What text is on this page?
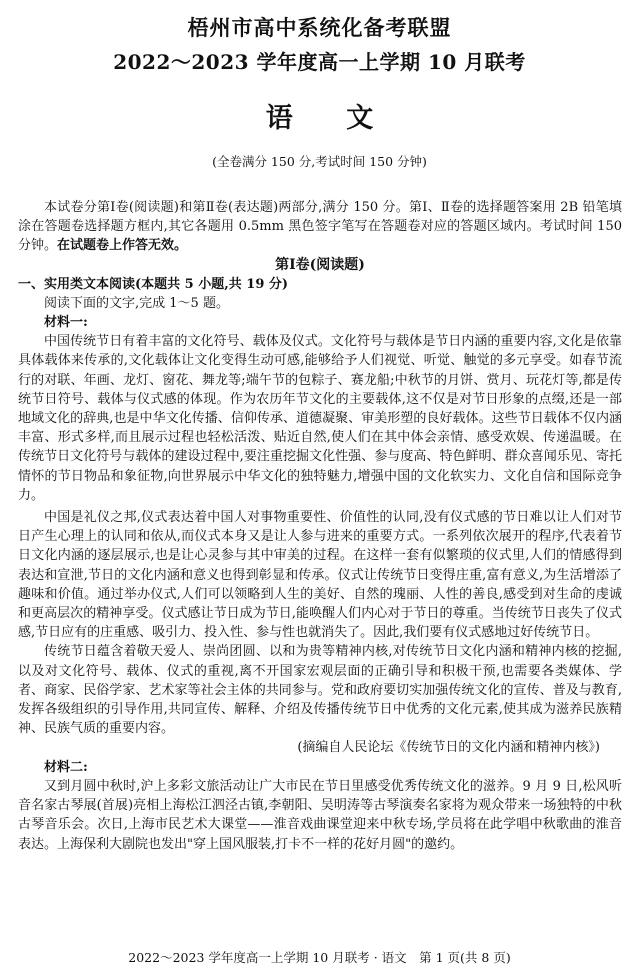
梧州市高中系统化备考联盟
2022～2023 学年度高一上学期 10 月联考
语 文
(全卷满分 150 分,考试时间 150 分钟)

本试卷分第Ⅰ卷(阅读题)和第Ⅱ卷(表达题)两部分,满分 150 分。第Ⅰ、Ⅱ卷的选择题答案用 2B 铅笔填涂在答题卷选择题方框内,其它各题用 0.5mm 黑色签字笔写在答题卷对应的答题区域内。考试时间 150 分钟。在试题卷上作答无效。

第Ⅰ卷(阅读题)

一、实用类文本阅读(本题共 5 小题,共 19 分)

阅读下面的文字,完成 1～5 题。

材料一:

中国传统节日有着丰富的文化符号、载体及仪式。文化符号与载体是节日内涵的重要内容,文化是依靠具体载体来传承的,文化载体让文化变得生动可感,能够给予人们视觉、听觉、触觉的多元享受。如春节流行的对联、年画、龙灯、窗花、舞龙等;端午节的包粽子、赛龙船;中秋节的月饼、赏月、玩花灯等,都是传统节日符号、载体与仪式感的体现。作为农历年节文化的主要载体,这不仅是对节日形象的点缀,还是一部地域文化的辞典,也是中华文化传播、信仰传承、道德凝聚、审美形塑的良好载体。这些节日载体不仅内涵丰富、形式多样,而且展示过程也轻松活泼、贴近自然,使人们在其中体会亲情、感受欢娱、传递温暖。在传统节日文化符号与载体的建设过程中,要注重挖掘文化性强、参与度高、特色鲜明、群众喜闻乐见、寄托情怀的节日物品和象征物,向世界展示中华文化的独特魅力,增强中国的文化软实力、文化自信和国际竞争力。

中国是礼仪之邦,仪式表达着中国人对事物重要性、价值性的认同,没有仪式感的节日难以让人们对节日产生心理上的认同和依从,而仪式本身又是让人参与进来的重要方式。一系列依次展开的程序,代表着节日文化内涵的逐层展示,也是让心灵参与其中审美的过程。在这样一套有似繁琐的仪式里,人们的情感得到表达和宣泄,节日的文化内涵和意义也得到彰显和传承。仪式让传统节日变得庄重,富有意义,为生活增添了趣味和价值。通过举办仪式,人们可以领略到人生的美好、自然的瑰丽、人性的善良,感受到对生命的虔诚和更高层次的精神享受。仪式感让节日成为节日,能唤醒人们内心对于节日的尊重。当传统节日丧失了仪式感,节日应有的庄重感、吸引力、投入性、参与性也就消失了。因此,我们要有仪式感地过好传统节日。

传统节日蕴含着敬天爱人、崇尚团圆、以和为贵等精神内核,对传统节日文化内涵和精神内核的挖掘,以及对文化符号、载体、仪式的重视,离不开国家宏观层面的正确引导和积极干预,也需要各类媒体、学者、商家、民俗学家、艺术家等社会主体的共同参与。党和政府要切实加强传统文化的宣传、普及与教育,发挥各级组织的引导作用,共同宣传、解释、介绍及传播传统节日中优秀的文化元素,使其成为滋养民族精神、民族气质的重要内容。

(摘编自人民论坛《传统节日的文化内涵和精神内核》)

材料二:

又到月圆中秋时,沪上多彩文旅活动让广大市民在节日里感受优秀传统文化的滋养。9 月 9 日,松风听音名家古琴展(首展)亮相上海松江泗泾古镇,李朝阳、吴明涛等古琴演奏名家将为观众带来一场独特的中秋古琴音乐会。次日,上海市民艺术大课堂——淮音戏曲课堂迎来中秋专场,学员将在此学唱中秋歌曲的淮音表达。上海保利大剧院也发出"穿上国风服装,打卡不一样的花好月圆"的邀约。

2022～2023 学年度高一上学期 10 月联考 · 语文　第 1 页(共 8 页)
